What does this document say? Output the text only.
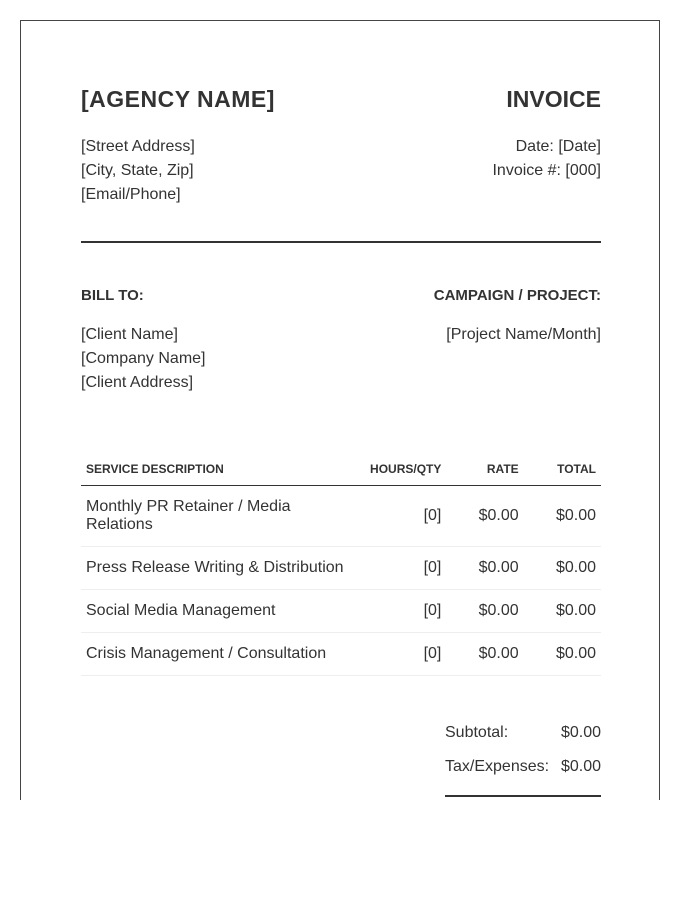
[AGENCY NAME]	INVOICE
[Street Address]
[City, State, Zip]
[Email/Phone]
Date: [Date]
Invoice #: [000]
BILL TO:	CAMPAIGN / PROJECT:
[Client Name]
[Company Name]
[Client Address]
[Project Name/Month]
SERVICE DESCRIPTION	HOURS/QTY	RATE	TOTAL
Monthly PR Retainer / Media Relations	[0]	$0.00	$0.00
Press Release Writing & Distribution	[0]	$0.00	$0.00
Social Media Management	[0]	$0.00	$0.00
Crisis Management / Consultation	[0]	$0.00	$0.00
Subtotal:	$0.00
Tax/Expenses: $0.00
